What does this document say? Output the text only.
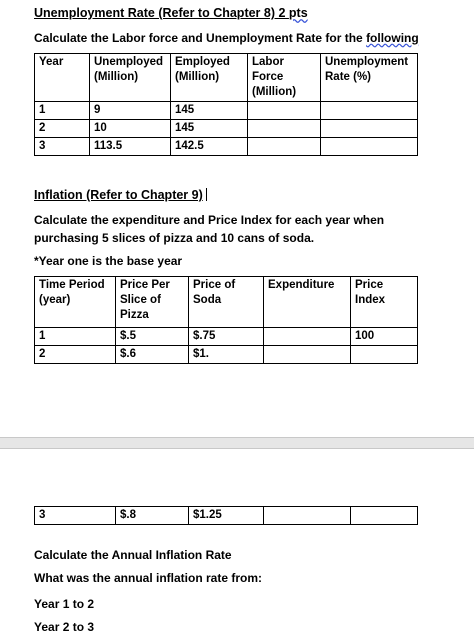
Unemployment Rate (Refer to Chapter 8) 2 pts
Calculate the Labor force and Unemployment Rate for the following
Year	Unemployed (Million)	Employed (Million)	Labor Force (Million)	Unemployment Rate (%)
1	9	145		
2	10	145		
3	113.5	142.5		
Inflation (Refer to Chapter 9)
Calculate the expenditure and Price Index for each year when
purchasing 5 slices of pizza and 10 cans of soda.
*Year one is the base year
Time Period (year)	Price Per Slice of Pizza	Price of Soda	Expenditure	Price Index
1	$.5	$.75		100
2	$.6	$1.		
3	$.8	$1.25		
Calculate the Annual Inflation Rate
What was the annual inflation rate from:
Year 1 to 2
Year 2 to 3
